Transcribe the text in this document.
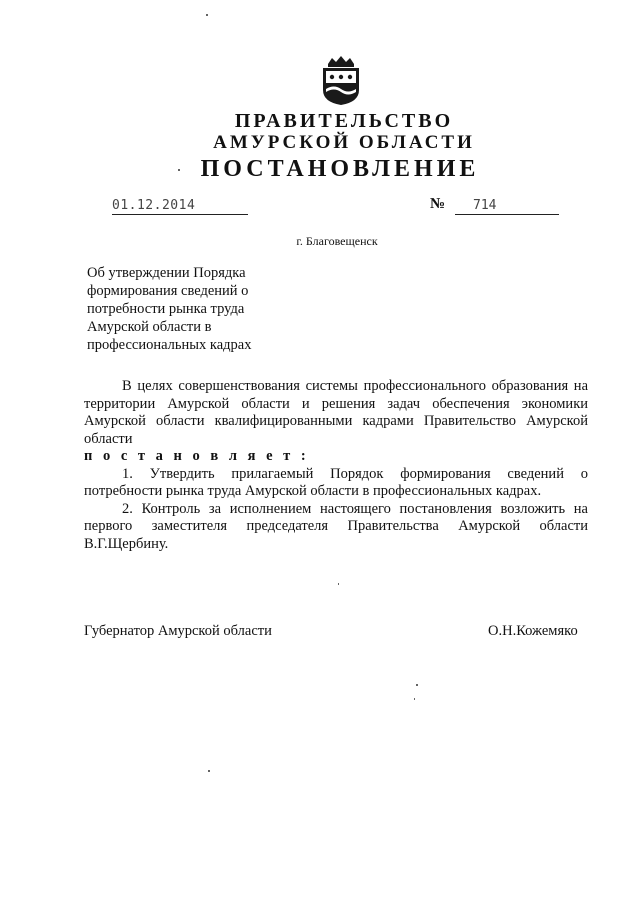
ПРАВИТЕЛЬСТВО
АМУРСКОЙ ОБЛАСТИ
ПОСТАНОВЛЕНИЕ
01.12.2014	№	714
г. Благовещенск
Об утверждении Порядка
формирования сведений о
потребности рынка труда
Амурской области в
профессиональных кадрах

В целях совершенствования системы профессионального образования на территории Амурской области и решения задач обеспечения экономики Амурской области квалифицированными кадрами Правительство Амурской области

п о с т а н о в л я е т :

1. Утвердить прилагаемый Порядок формирования сведений о потребности рынка труда Амурской области в профессиональных кадрах.

2. Контроль за исполнением настоящего постановления возложить на первого заместителя председателя Правительства Амурской области В.Г.Щербину.

Губернатор Амурской области	О.Н.Кожемяко
